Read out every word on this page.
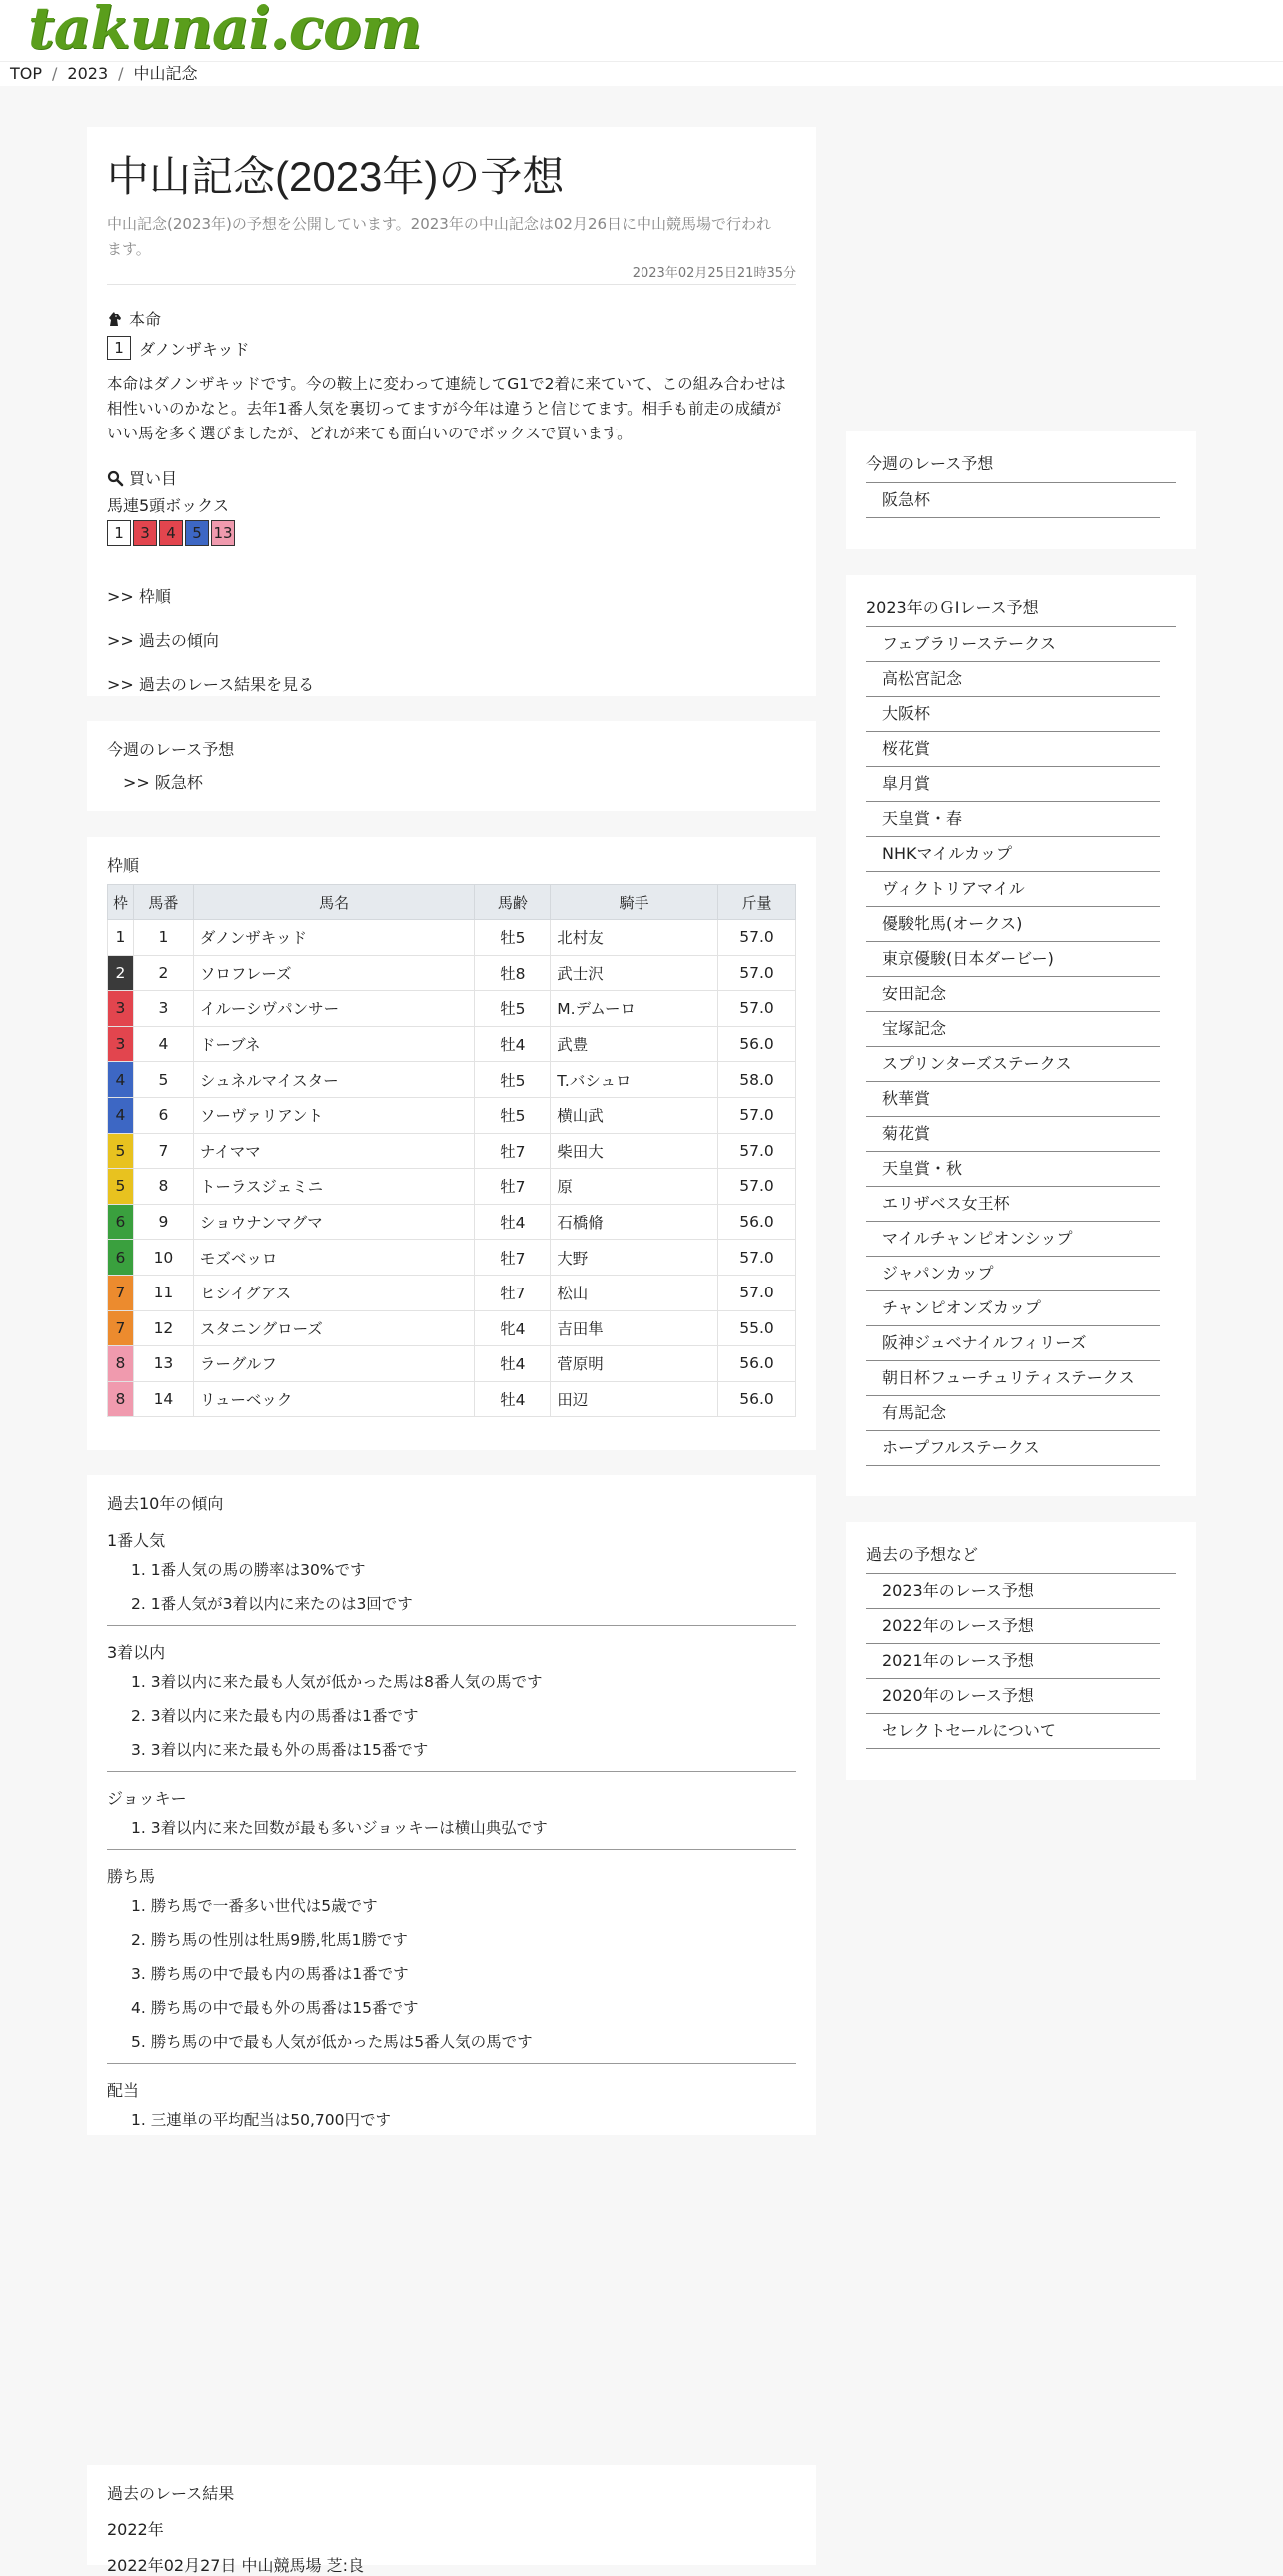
takunai.com
TOP / 2023 / 中山記念
中山記念(2023年)の予想

中山記念(2023年)の予想を公開しています。2023年の中山記念は02月26日に中山競馬場で行われます。

2023年02月25日21時35分
本命
1 ダノンザキッド

本命はダノンザキッドです。今の鞍上に変わって連続してG1で2着に来ていて、この組み合わせは相性いいのかなと。去年1番人気を裏切ってますが今年は違うと信じてます。相手も前走の成績がいい馬を多く選びましたが、どれが来ても面白いのでボックスで買います。

買い目
馬連5頭ボックス
1	3	4	5 13
>> 枠順
>> 過去の傾向
>> 過去のレース結果を見る
今週のレース予想
>> 阪急杯
枠順
枠	馬番	馬名	馬齢	騎手	斤量
1	1	ダノンザキッド	牡5	北村友	57.0
2	2	ソロフレーズ	牡8	武士沢	57.0
3	3	イルーシヴパンサー	牡5	M.デムーロ	57.0
3	4	ドーブネ	牡4	武豊	56.0
4	5	シュネルマイスター	牡5	T.バシュロ	58.0
4	6	ソーヴァリアント	牡5	横山武	57.0
5	7	ナイママ	牡7	柴田大	57.0
5	8	トーラスジェミニ	牡7	原	57.0
6	9	ショウナンマグマ	牡4	石橋脩	56.0
6	10	モズベッロ	牡7	大野	57.0
7	11	ヒシイグアス	牡7	松山	57.0
7	12	スタニングローズ	牝4	吉田隼	55.0
8	13	ラーグルフ	牡4	菅原明	56.0
8	14	リューベック	牡4	田辺	56.0
過去10年の傾向
1番人気
1. 1番人気の馬の勝率は30%です
2. 1番人気が3着以内に来たのは3回です
3着以内
1. 3着以内に来た最も人気が低かった馬は8番人気の馬です
2. 3着以内に来た最も内の馬番は1番です
3. 3着以内に来た最も外の馬番は15番です
ジョッキー
1. 3着以内に来た回数が最も多いジョッキーは横山典弘です
勝ち馬
1. 勝ち馬で一番多い世代は5歳です
2. 勝ち馬の性別は牡馬9勝,牝馬1勝です
3. 勝ち馬の中で最も内の馬番は1番です
4. 勝ち馬の中で最も外の馬番は15番です
5. 勝ち馬の中で最も人気が低かった馬は5番人気の馬です
配当
1. 三連単の平均配当は50,700円です
過去のレース結果
2022年
2022年02月27日 中山競馬場 芝:良
今週のレース予想
阪急杯
2023年のＧⅠレース予想
フェブラリーステークス
高松宮記念
大阪杯
桜花賞
皐月賞
天皇賞・春
NHKマイルカップ
ヴィクトリアマイル
優駿牝馬(オークス)
東京優駿(日本ダービー)
安田記念
宝塚記念
スプリンターズステークス
秋華賞
菊花賞
天皇賞・秋
エリザベス女王杯
マイルチャンピオンシップ
ジャパンカップ
チャンピオンズカップ
阪神ジュベナイルフィリーズ
朝日杯フューチュリティステークス
有馬記念
ホープフルステークス
過去の予想など
2023年のレース予想
2022年のレース予想
2021年のレース予想
2020年のレース予想
セレクトセールについて
